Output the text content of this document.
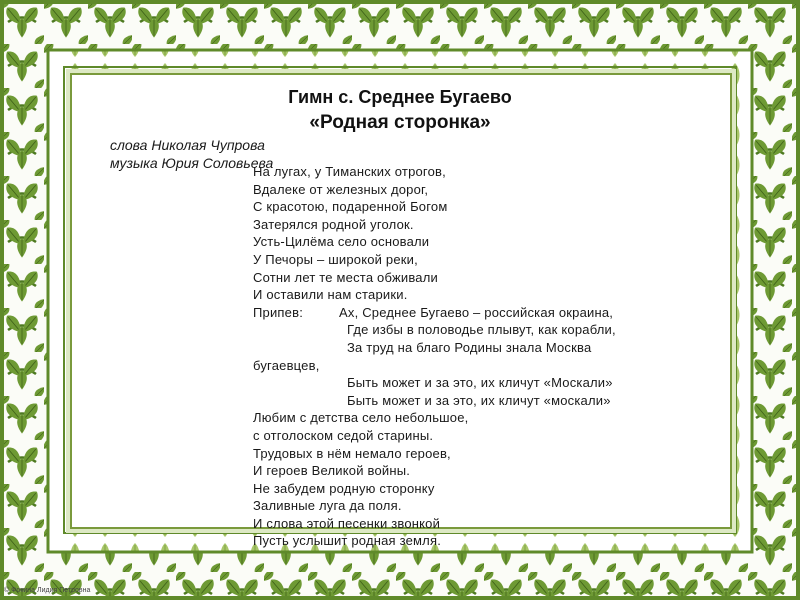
Гимн с. Среднее Бугаево
«Родная сторонка»
слова Николая Чупрова
музыка Юрия Соловьева
На лугах, у Тиманских отрогов,
Вдалеке от железных дорог,
С красотою, подаренной Богом
Затерялся родной уголок.
Усть-Цилёма село основали
У Печоры – широкой реки,
Сотни лет те места обживали
И оставили нам старики.
Припев:	Ах, Среднее Бугаево – российская окраина,
Где избы в половодье плывут, как корабли,
За труд на благо Родины знала Москва
бугаевцев,
Быть может и за это, их кличут «Москали»
Быть может и за это, их кличут «москали»
Любим с детства село небольшое,
с отголоском седой старины.
Трудовых в нём немало героев,
И героев Великой войны.
Не забудем родную сторонку
Заливные луга да поля.
И слова этой песенки звонкой
Пусть услышит родная земля.
© Фокина Лидия Петровна
